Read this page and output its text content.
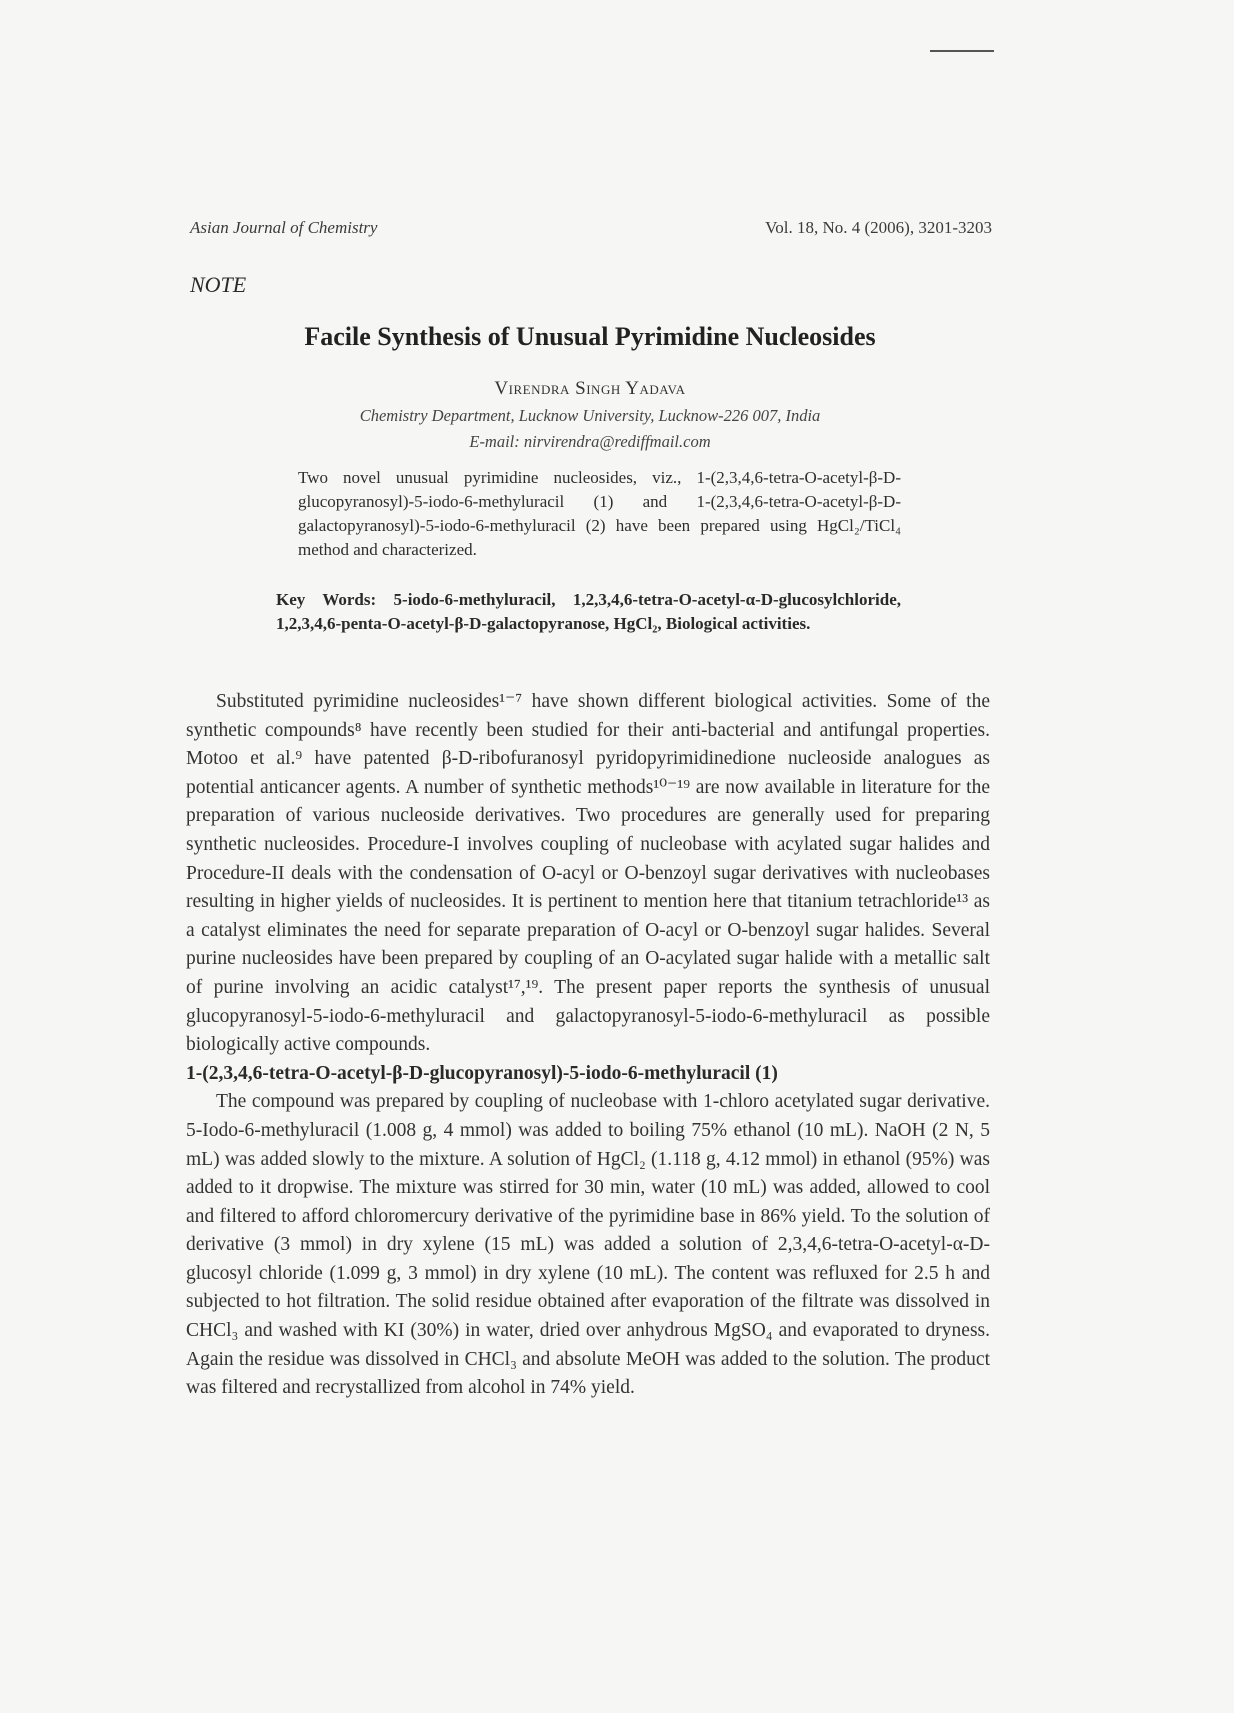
Asian Journal of Chemistry	Vol. 18, No. 4 (2006), 3201-3203
NOTE
Facile Synthesis of Unusual Pyrimidine Nucleosides
Virendra Singh Yadava
Chemistry Department, Lucknow University, Lucknow-226 007, India
E-mail: nirvirendra@rediffmail.com
Two novel unusual pyrimidine nucleosides, viz., 1-(2,3,4,6-tetra-O-acetyl-β-D-glucopyranosyl)-5-iodo-6-methyluracil (1) and 1-(2,3,4,6-tetra-O-acetyl-β-D-galactopyranosyl)-5-iodo-6-methyluracil (2) have been prepared using HgCl₂/TiCl₄ method and characterized.
Key Words: 5-iodo-6-methyluracil, 1,2,3,4,6-tetra-O-acetyl-α-D-glucosylchloride, 1,2,3,4,6-penta-O-acetyl-β-D-galactopyranose, HgCl₂, Biological activities.

Substituted pyrimidine nucleosides¹⁻⁷ have shown different biological activities. Some of the synthetic compounds⁸ have recently been studied for their anti-bacterial and antifungal properties. Motoo et al.⁹ have patented β-D-ribofuranosyl pyridopyrimidinedione nucleoside analogues as potential anticancer agents. A number of synthetic methods¹⁰⁻¹⁹ are now available in literature for the preparation of various nucleoside derivatives. Two procedures are generally used for preparing synthetic nucleosides. Procedure-I involves coupling of nucleobase with acylated sugar halides and Procedure-II deals with the condensation of O-acyl or O-benzoyl sugar derivatives with nucleobases resulting in higher yields of nucleosides. It is pertinent to mention here that titanium tetrachloride¹³ as a catalyst eliminates the need for separate preparation of O-acyl or O-benzoyl sugar halides. Several purine nucleosides have been prepared by coupling of an O-acylated sugar halide with a metallic salt of purine involving an acidic catalyst¹⁷,¹⁹. The present paper reports the synthesis of unusual glucopyranosyl-5-iodo-6-methyluracil and galactopyranosyl-5-iodo-6-methyluracil as possible biologically active compounds.

1-(2,3,4,6-tetra-O-acetyl-β-D-glucopyranosyl)-5-iodo-6-methyluracil (1)

The compound was prepared by coupling of nucleobase with 1-chloro acetylated sugar derivative. 5-Iodo-6-methyluracil (1.008 g, 4 mmol) was added to boiling 75% ethanol (10 mL). NaOH (2 N, 5 mL) was added slowly to the mixture. A solution of HgCl₂ (1.118 g, 4.12 mmol) in ethanol (95%) was added to it dropwise. The mixture was stirred for 30 min, water (10 mL) was added, allowed to cool and filtered to afford chloromercury derivative of the pyrimidine base in 86% yield. To the solution of derivative (3 mmol) in dry xylene (15 mL) was added a solution of 2,3,4,6-tetra-O-acetyl-α-D-glucosyl chloride (1.099 g, 3 mmol) in dry xylene (10 mL). The content was refluxed for 2.5 h and subjected to hot filtration. The solid residue obtained after evaporation of the filtrate was dissolved in CHCl₃ and washed with KI (30%) in water, dried over anhydrous MgSO₄ and evaporated to dryness. Again the residue was dissolved in CHCl₃ and absolute MeOH was added to the solution. The product was filtered and recrystallized from alcohol in 74% yield.
